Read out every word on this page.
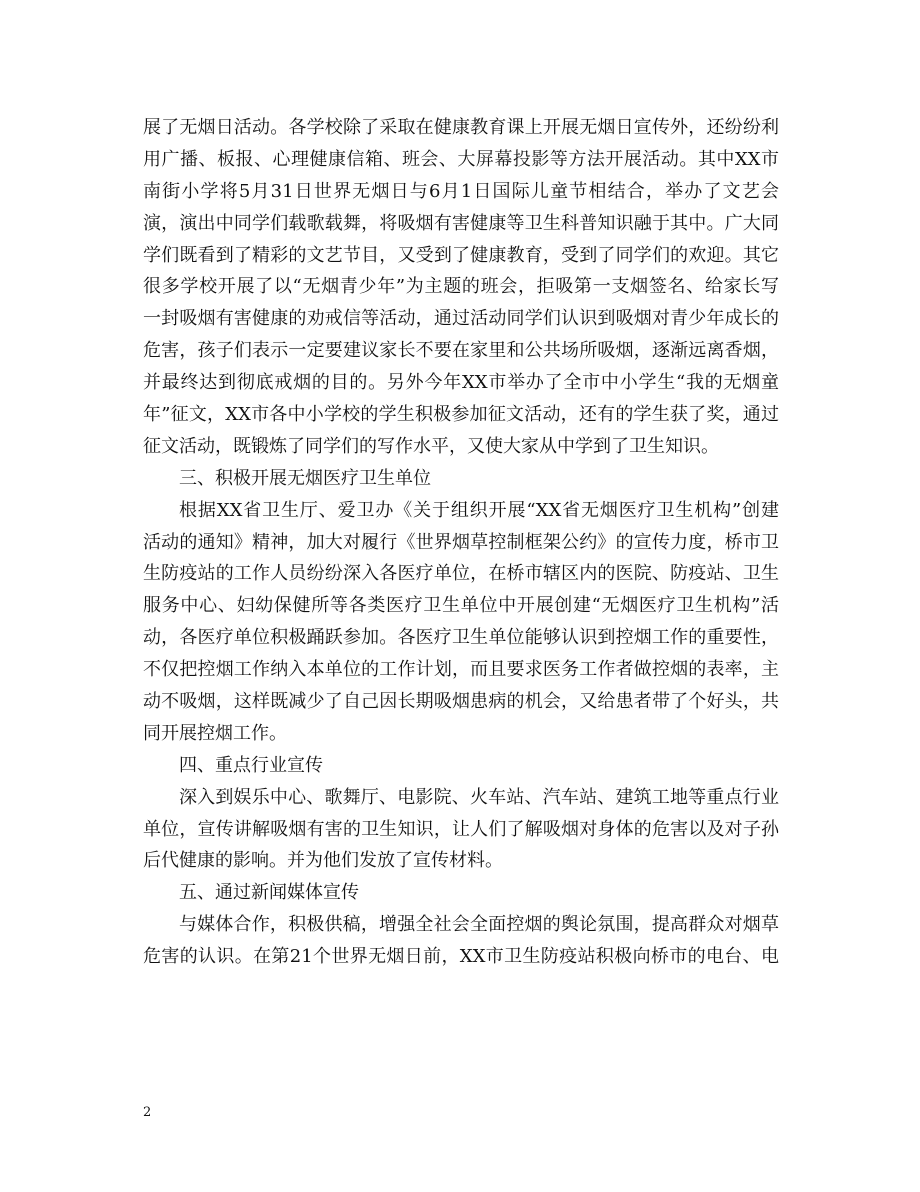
展了无烟日活动。各学校除了采取在健康教育课上开展无烟日宣传外，还纷纷利
用广播、板报、心理健康信箱、班会、大屏幕投影等方法开展活动。其中XX市
南街小学将5月31日世界无烟日与6月1日国际儿童节相结合，举办了文艺会
演，演出中同学们载歌载舞，将吸烟有害健康等卫生科普知识融于其中。广大同
学们既看到了精彩的文艺节目，又受到了健康教育，受到了同学们的欢迎。其它
很多学校开展了以“无烟青少年”为主题的班会，拒吸第一支烟签名、给家长写
一封吸烟有害健康的劝戒信等活动，通过活动同学们认识到吸烟对青少年成长的
危害，孩子们表示一定要建议家长不要在家里和公共场所吸烟，逐渐远离香烟，
并最终达到彻底戒烟的目的。另外今年XX市举办了全市中小学生“我的无烟童
年”征文，XX市各中小学校的学生积极参加征文活动，还有的学生获了奖，通过
征文活动，既锻炼了同学们的写作水平，又使大家从中学到了卫生知识。
三、积极开展无烟医疗卫生单位
根据XX省卫生厅、爱卫办《关于组织开展“XX省无烟医疗卫生机构”创建
活动的通知》精神，加大对履行《世界烟草控制框架公约》的宣传力度，桥市卫
生防疫站的工作人员纷纷深入各医疗单位，在桥市辖区内的医院、防疫站、卫生
服务中心、妇幼保健所等各类医疗卫生单位中开展创建“无烟医疗卫生机构”活
动，各医疗单位积极踊跃参加。各医疗卫生单位能够认识到控烟工作的重要性，
不仅把控烟工作纳入本单位的工作计划，而且要求医务工作者做控烟的表率，主
动不吸烟，这样既减少了自己因长期吸烟患病的机会，又给患者带了个好头，共
同开展控烟工作。
四、重点行业宣传
深入到娱乐中心、歌舞厅、电影院、火车站、汽车站、建筑工地等重点行业
单位，宣传讲解吸烟有害的卫生知识，让人们了解吸烟对身体的危害以及对子孙
后代健康的影响。并为他们发放了宣传材料。
五、通过新闻媒体宣传
与媒体合作，积极供稿，增强全社会全面控烟的舆论氛围，提高群众对烟草
危害的认识。在第21个世界无烟日前，XX市卫生防疫站积极向桥市的电台、电
2
